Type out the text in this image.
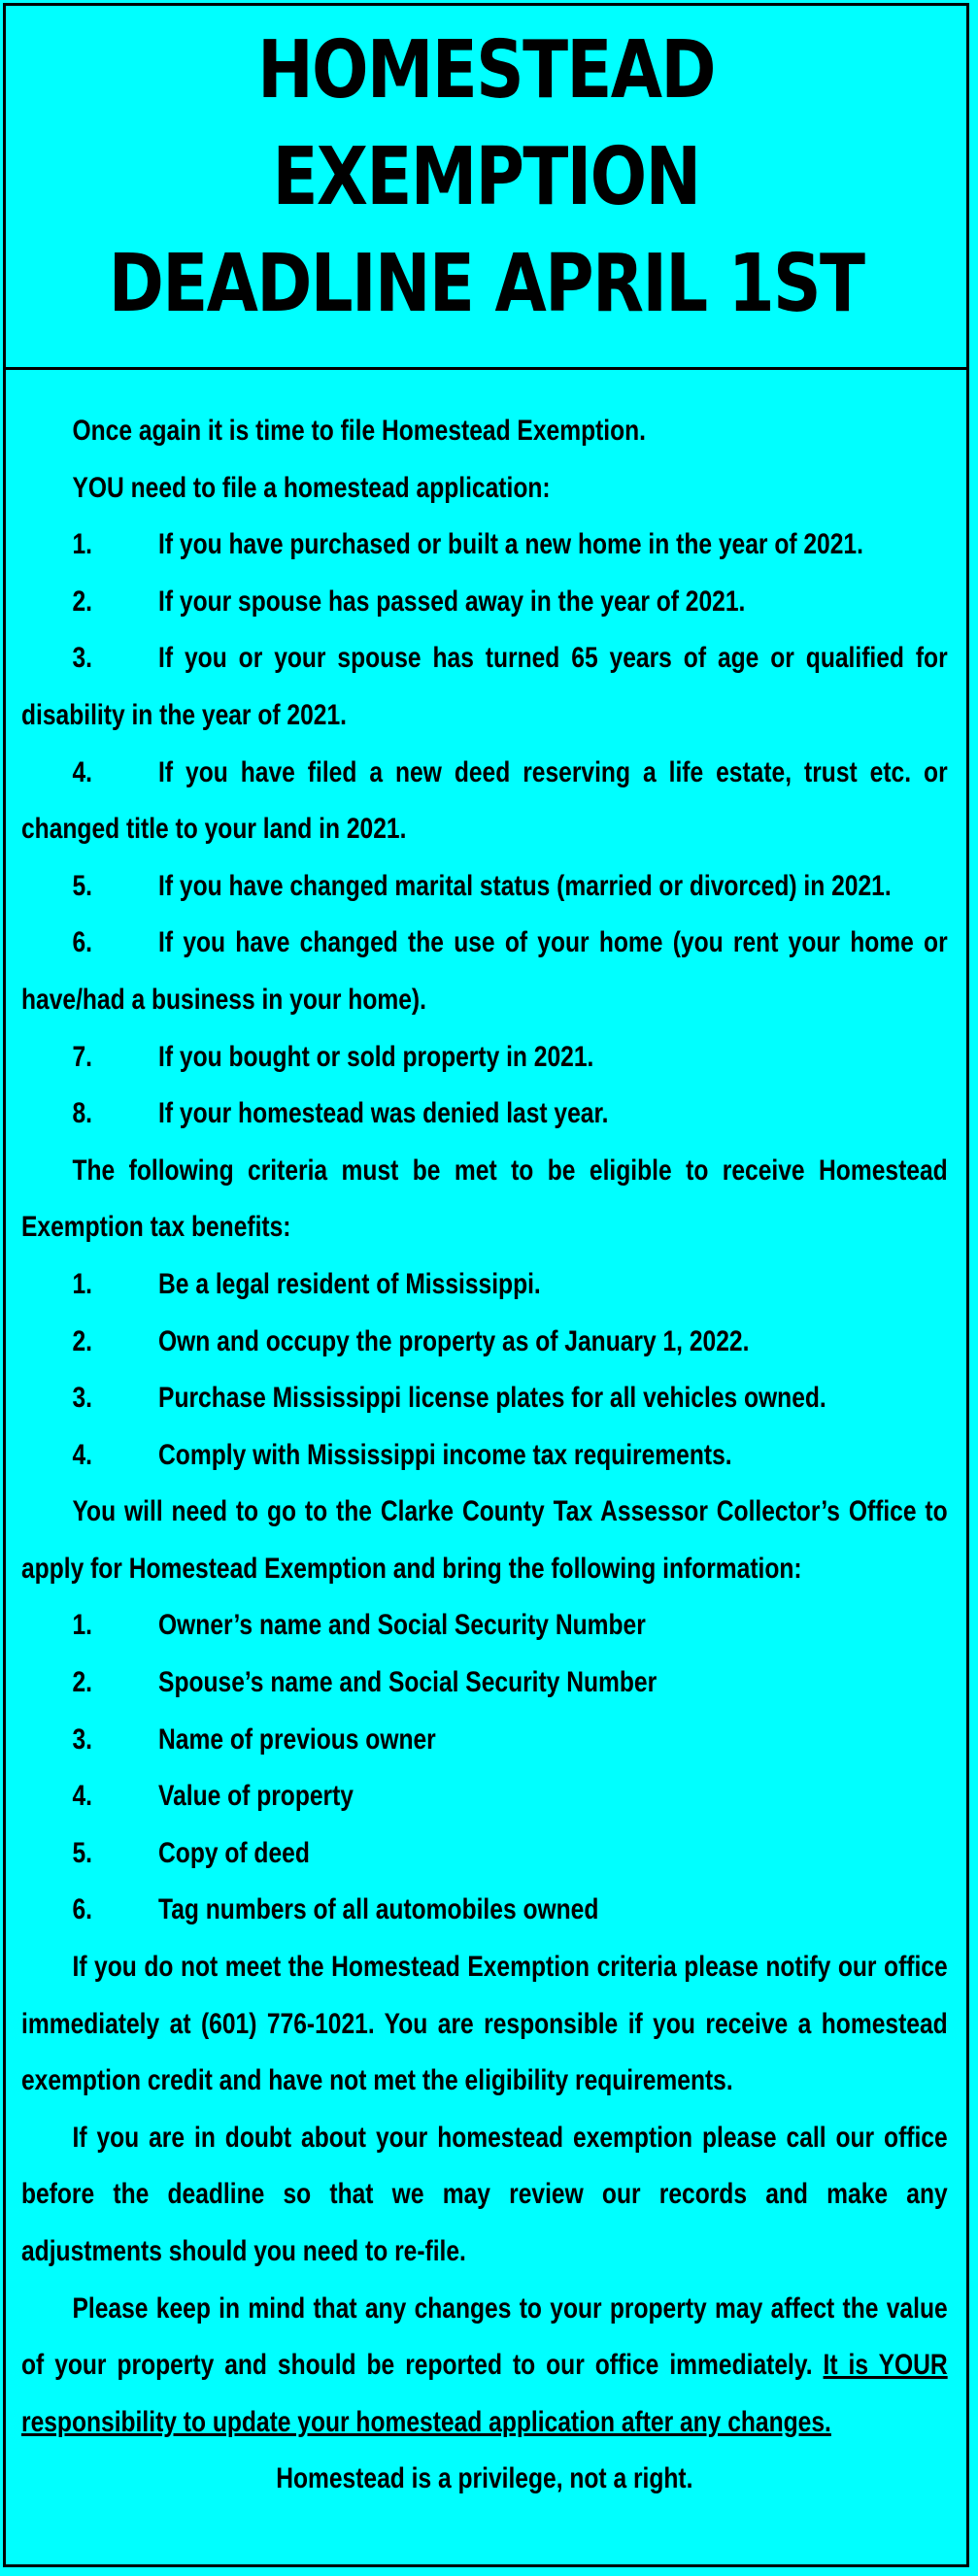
HOMESTEAD EXEMPTION
DEADLINE APRIL 1ST

Once again it is time to file Homestead Exemption.

YOU need to file a homestead application:

1. If you have purchased or built a new home in the year of 2021.

2. If your spouse has passed away in the year of 2021.

3. If you or your spouse has turned 65 years of age or qualified for disability in the year of 2021.

4. If you have filed a new deed reserving a life estate, trust etc. or changed title to your land in 2021.

5. If you have changed marital status (married or divorced) in 2021.

6. If you have changed the use of your home (you rent your home or have/had a business in your home).

7. If you bought or sold property in 2021.

8. If your homestead was denied last year.

The following criteria must be met to be eligible to receive Homestead Exemption tax benefits:

1. Be a legal resident of Mississippi.

2. Own and occupy the property as of January 1, 2022.

3. Purchase Mississippi license plates for all vehicles owned.

4. Comply with Mississippi income tax requirements.

You will need to go to the Clarke County Tax Assessor Collector’s Office to apply for Homestead Exemption and bring the following information:

1. Owner’s name and Social Security Number

2. Spouse’s name and Social Security Number

3. Name of previous owner

4. Value of property

5. Copy of deed

6. Tag numbers of all automobiles owned

If you do not meet the Homestead Exemption criteria please notify our office immediately at (601) 776-1021. You are responsible if you receive a homestead exemption credit and have not met the eligibility requirements.

If you are in doubt about your homestead exemption please call our office before the deadline so that we may review our records and make any adjustments should you need to re-file.

Please keep in mind that any changes to your property may affect the value of your property and should be reported to our office immediately. It is YOUR responsibility to update your homestead application after any changes.

Homestead is a privilege, not a right.
